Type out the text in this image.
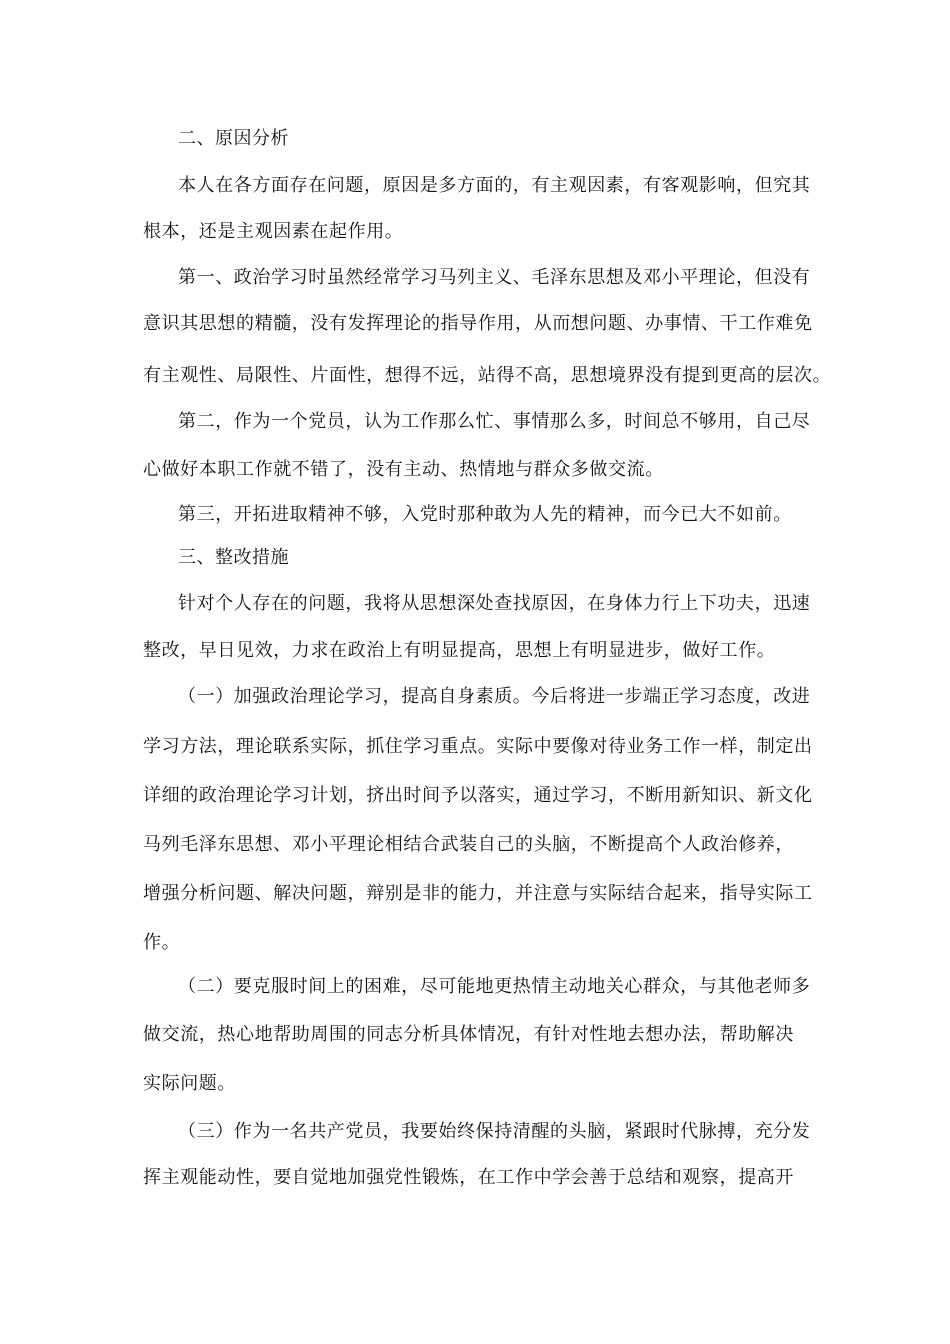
二、原因分析
本人在各方面存在问题，原因是多方面的，有主观因素，有客观影响，但究其
根本，还是主观因素在起作用。
第一、政治学习时虽然经常学习马列主义、毛泽东思想及邓小平理论，但没有
意识其思想的精髓，没有发挥理论的指导作用，从而想问题、办事情、干工作难免
有主观性、局限性、片面性，想得不远，站得不高，思想境界没有提到更高的层次。
第二，作为一个党员，认为工作那么忙、事情那么多，时间总不够用，自己尽
心做好本职工作就不错了，没有主动、热情地与群众多做交流。
第三，开拓进取精神不够，入党时那种敢为人先的精神，而今已大不如前。
三、整改措施
针对个人存在的问题，我将从思想深处查找原因，在身体力行上下功夫，迅速
整改，早日见效，力求在政治上有明显提高，思想上有明显进步，做好工作。
（一）加强政治理论学习，提高自身素质。今后将进一步端正学习态度，改进
学习方法，理论联系实际，抓住学习重点。实际中要像对待业务工作一样，制定出
详细的政治理论学习计划，挤出时间予以落实，通过学习，不断用新知识、新文化
马列毛泽东思想、邓小平理论相结合武装自己的头脑，不断提高个人政治修养，
增强分析问题、解决问题，辩别是非的能力，并注意与实际结合起来，指导实际工
作。
（二）要克服时间上的困难，尽可能地更热情主动地关心群众，与其他老师多
做交流，热心地帮助周围的同志分析具体情况，有针对性地去想办法，帮助解决
实际问题。
（三）作为一名共产党员，我要始终保持清醒的头脑，紧跟时代脉搏，充分发
挥主观能动性，要自觉地加强党性锻炼，在工作中学会善于总结和观察，提高开
